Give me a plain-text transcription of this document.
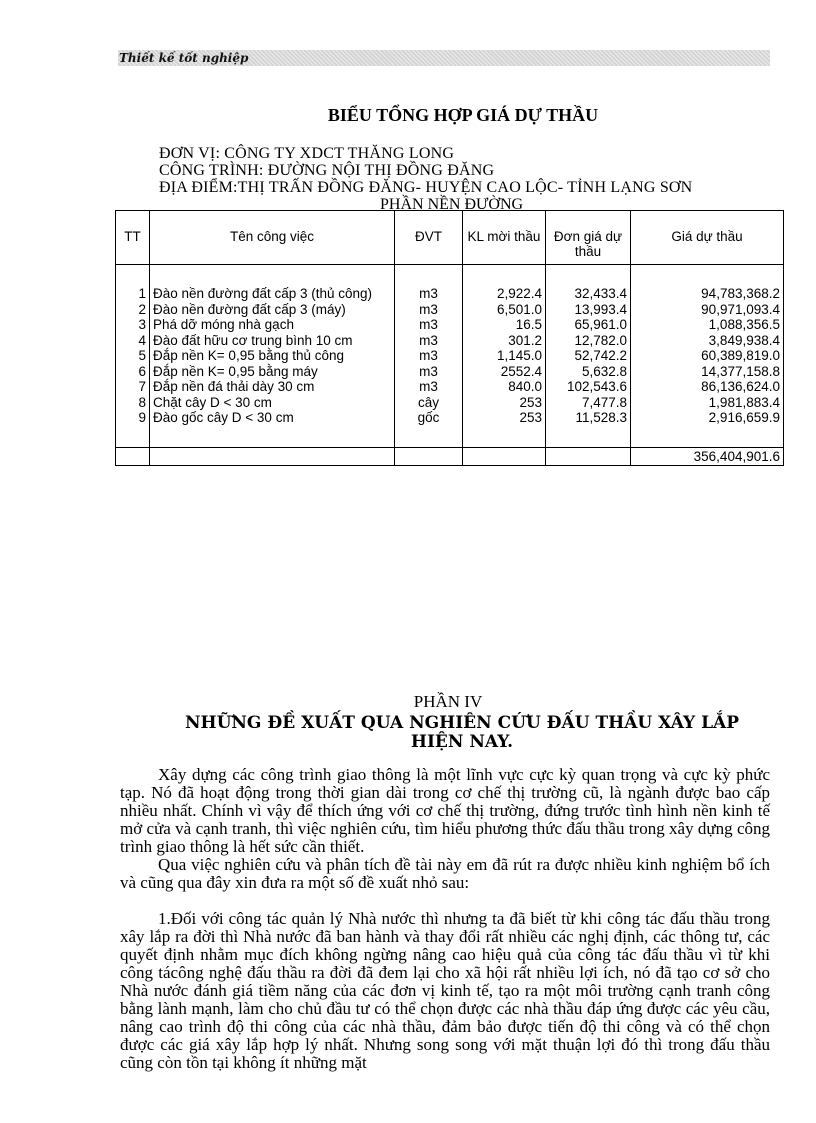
Thiết kế tốt nghiệp
BIỂU TỔNG HỢP GIÁ DỰ THẦU
ĐƠN VỊ: CÔNG TY XDCT THĂNG LONG
CÔNG TRÌNH: ĐƯỜNG NỘI THỊ ĐỒNG ĐĂNG
ĐỊA ĐIỂM:THỊ TRẤN ĐỒNG ĐĂNG- HUYỆN CAO LỘC- TỈNH LẠNG SƠN
PHẦN NỀN ĐƯỜNG
TT	Tên công việc	ĐVT	KL mời thầu	Đơn giá dự thầu	Giá dự thầu

1	Đào nền đường đất cấp 3 (thủ công)	m3	2,922.4	32,433.4	94,783,368.2
2	Đào nền đường đất cấp 3 (máy)	m3	6,501.0	13,993.4	90,971,093.4
3	Phá dỡ móng nhà gạch	m3	16.5	65,961.0	1,088,356.5
4	Đào đất hữu cơ trung bình 10 cm	m3	301.2	12,782.0	3,849,938.4
5	Đắp nền K= 0,95 bằng thủ công	m3	1,145.0	52,742.2	60,389,819.0
6	Đắp nền K= 0,95 bằng máy	m3	2552.4	5,632.8	14,377,158.8
7	Đắp nền đá thải dày 30 cm	m3	840.0	102,543.6	86,136,624.0
8	Chặt cây D < 30 cm	cây	253	7,477.8	1,981,883.4
9	Đào gốc cây D < 30 cm	gốc	253	11,528.3	2,916,659.9

					356,404,901.6
PHẦN IV
NHỮNG ĐỀ XUẤT QUA NGHIÊN CỨU ĐẤU THẦU XÂY LẮP HIỆN NAY.

Xây dựng các công trình giao thông là một lĩnh vực cực kỳ quan trọng và cực kỳ phức tạp. Nó đã hoạt động trong thời gian dài trong cơ chế thị trường cũ, là ngành được bao cấp nhiều nhất. Chính vì vậy để thích ứng với cơ chế thị trường, đứng trước tình hình nền kinh tế mở cửa và cạnh tranh, thì việc nghiên cứu, tìm hiểu phương thức đấu thầu trong xây dựng công trình giao thông là hết sức cần thiết.

Qua việc nghiên cứu và phân tích đề tài này em đã rút ra được nhiều kinh nghiệm bổ ích và cũng qua đây xin đưa ra một số đề xuất nhỏ sau:

1.Đối với công tác quản lý Nhà nước thì nhưng ta đã biết từ khi công tác đấu thầu trong xây lắp ra đời thì Nhà nước đã ban hành và thay đổi rất nhiều các nghị định, các thông tư, các quyết định nhằm mục đích không ngừng nâng cao hiệu quả của công tác đấu thầu vì từ khi công tácông nghệ đấu thầu ra đời đã đem lại cho xã hội rất nhiều lợi ích, nó đã tạo cơ sở cho Nhà nước đánh giá tiềm năng của các đơn vị kinh tế, tạo ra một môi trường cạnh tranh công bằng lành mạnh, làm cho chủ đầu tư có thể chọn được các nhà thầu đáp ứng được các yêu cầu, nâng cao trình độ thi công của các nhà thầu, đảm bảo được tiến độ thi công và có thể chọn được các giá xây lắp hợp lý nhất. Nhưng song song với mặt thuận lợi đó thì trong đấu thầu cũng còn tồn tại không ít những mặt
